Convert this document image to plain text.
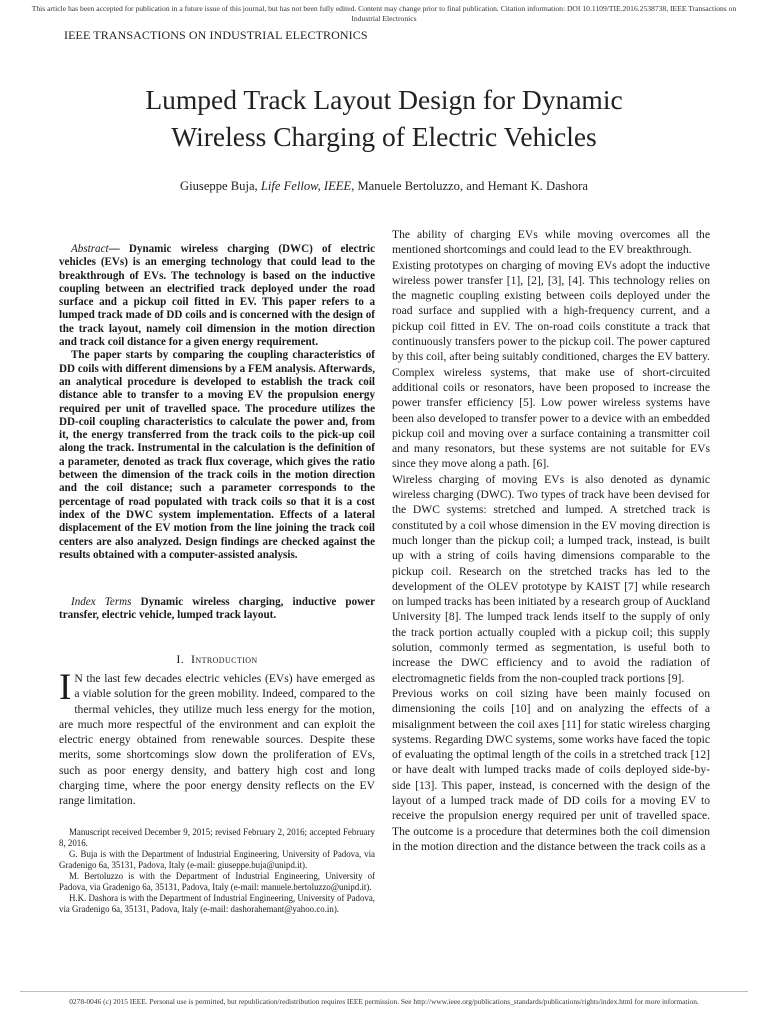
This article has been accepted for publication in a future issue of this journal, but has not been fully edited. Content may change prior to final publication. Citation information: DOI 10.1109/TIE.2016.2538738, IEEE Transactions on Industrial Electronics
IEEE TRANSACTIONS ON INDUSTRIAL ELECTRONICS
Lumped Track Layout Design for Dynamic
Wireless Charging of Electric Vehicles
Giuseppe Buja, Life Fellow, IEEE, Manuele Bertoluzzo, and Hemant K. Dashora

Abstract— Dynamic wireless charging (DWC) of electric vehicles (EVs) is an emerging technology that could lead to the breakthrough of EVs. The technology is based on the inductive coupling between an electrified track deployed under the road surface and a pickup coil fitted in EV. This paper refers to a lumped track made of DD coils and is concerned with the design of the track layout, namely coil dimension in the motion direction and track coil distance for a given energy requirement.

The paper starts by comparing the coupling characteristics of DD coils with different dimensions by a FEM analysis. Afterwards, an analytical procedure is developed to establish the track coil distance able to transfer to a moving EV the propulsion energy required per unit of travelled space. The procedure utilizes the DD-coil coupling characteristics to calculate the power and, from it, the energy transferred from the track coils to the pick-up coil along the track. Instrumental in the calculation is the definition of a parameter, denoted as track flux coverage, which gives the ratio between the dimension of the track coils in the motion direction and the coil distance; such a parameter corresponds to the percentage of road populated with track coils so that it is a cost index of the DWC system implementation. Effects of a lateral displacement of the EV motion from the line joining the track coil centers are also analyzed. Design findings are checked against the results obtained with a computer-assisted analysis.

Index Terms Dynamic wireless charging, inductive power transfer, electric vehicle, lumped track layout.

I. Introduction

I N the last few decades electric vehicles (EVs) have emerged as a viable solution for the green mobility. Indeed, compared to the thermal vehicles, they utilize much less energy for the motion, are much more respectful of the environment and can exploit the electric energy obtained from renewable sources. Despite these merits, some shortcomings slow down the proliferation of EVs, such as poor energy density, and battery high cost and long charging time, where the poor energy density reflects on the EV range limitation.

Manuscript received December 9, 2015; revised February 2, 2016; accepted February 8, 2016.

G. Buja is with the Department of Industrial Engineering, University of Padova, via Gradenigo 6a, 35131, Padova, Italy (e-mail: giuseppe.buja@unipd.it).

M. Bertoluzzo is with the Department of Industrial Engineering, University of Padova, via Gradenigo 6a, 35131, Padova, Italy (e-mail: manuele.bertoluzzo@unipd.it).

H.K. Dashora is with the Department of Industrial Engineering, University of Padova, via Gradenigo 6a, 35131, Padova, Italy (e-mail: dashorahemant@yahoo.co.in).

The ability of charging EVs while moving overcomes all the mentioned shortcomings and could lead to the EV breakthrough.

Existing prototypes on charging of moving EVs adopt the inductive wireless power transfer [1], [2], [3], [4]. This technology relies on the magnetic coupling existing between coils deployed under the road surface and supplied with a high-frequency current, and a pickup coil fitted in EV. The on-road coils constitute a track that continuously transfers power to the pickup coil. The power captured by this coil, after being suitably conditioned, charges the EV battery.

Complex wireless systems, that make use of short-circuited additional coils or resonators, have been proposed to increase the power transfer efficiency [5]. Low power wireless systems have been also developed to transfer power to a device with an embedded pickup coil and moving over a surface containing a transmitter coil and many resonators, but these systems are not suitable for EVs since they move along a path. [6].

Wireless charging of moving EVs is also denoted as dynamic wireless charging (DWC). Two types of track have been devised for the DWC systems: stretched and lumped. A stretched track is constituted by a coil whose dimension in the EV moving direction is much longer than the pickup coil; a lumped track, instead, is built up with a string of coils having dimensions comparable to the pickup coil. Research on the stretched tracks has led to the development of the OLEV prototype by KAIST [7] while research on lumped tracks has been initiated by a research group of Auckland University [8]. The lumped track lends itself to the supply of only the track portion actually coupled with a pickup coil; this supply solution, commonly termed as segmentation, is useful both to increase the DWC efficiency and to avoid the radiation of electromagnetic fields from the non-coupled track portions [9].

Previous works on coil sizing have been mainly focused on dimensioning the coils [10] and on analyzing the effects of a misalignment between the coil axes [11] for static wireless charging systems. Regarding DWC systems, some works have faced the topic of evaluating the optimal length of the coils in a stretched track [12] or have dealt with lumped tracks made of coils deployed side-by-side [13]. This paper, instead, is concerned with the design of the layout of a lumped track made of DD coils for a moving EV to receive the propulsion energy required per unit of travelled space. The outcome is a procedure that determines both the coil dimension in the motion direction and the distance between the track coils as a

0278-0046 (c) 2015 IEEE. Personal use is permitted, but republication/redistribution requires IEEE permission. See http://www.ieee.org/publications_standards/publications/rights/index.html for more information.
